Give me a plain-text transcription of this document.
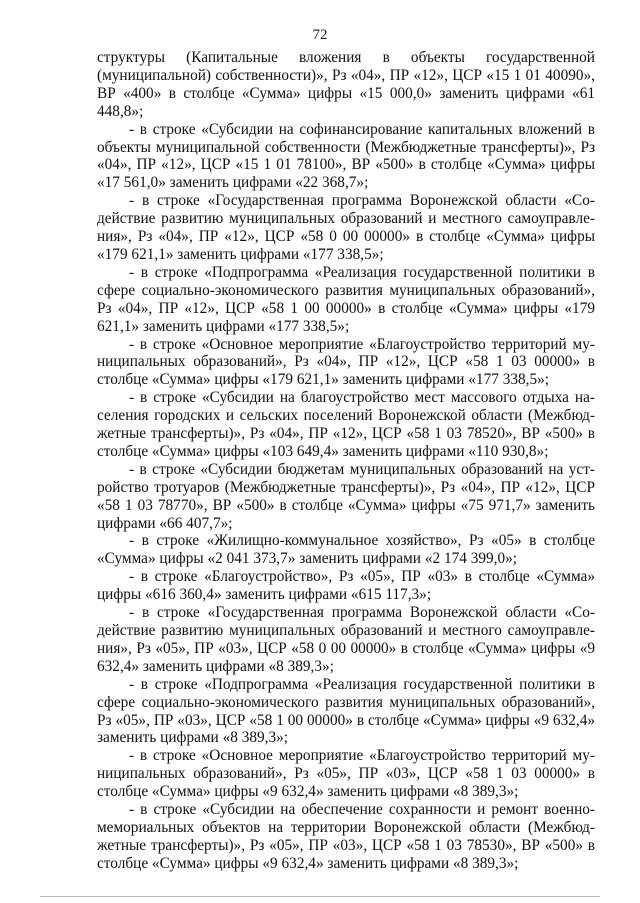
72

структуры (Капитальные вложения в объекты государственной (муниципальной) собственности)», Рз «04», ПР «12», ЦСР «15 1 01 40090», ВР «400» в столбце «Сумма» цифры «15 000,0» заменить цифрами «61 448,8»;

- в строке «Субсидии на софинансирование капитальных вложений в объекты муниципальной собственности (Межбюджетные трансферты)», Рз «04», ПР «12», ЦСР «15 1 01 78100», ВР «500» в столбце «Сумма» цифры «17 561,0» заменить цифрами «22 368,7»;

- в строке «Государственная программа Воронежской области «Содействие развитию муниципальных образований и местного самоуправления», Рз «04», ПР «12», ЦСР «58 0 00 00000» в столбце «Сумма» цифры «179 621,1» заменить цифрами «177 338,5»;

- в строке «Подпрограмма «Реализация государственной политики в сфере социально-экономического развития муниципальных образований», Рз «04», ПР «12», ЦСР «58 1 00 00000» в столбце «Сумма» цифры «179 621,1» заменить цифрами «177 338,5»;

- в строке «Основное мероприятие «Благоустройство территорий муниципальных образований», Рз «04», ПР «12», ЦСР «58 1 03 00000» в столбце «Сумма» цифры «179 621,1» заменить цифрами «177 338,5»;

- в строке «Субсидии на благоустройство мест массового отдыха населения городских и сельских поселений Воронежской области (Межбюджетные трансферты)», Рз «04», ПР «12», ЦСР «58 1 03 78520», ВР «500» в столбце «Сумма» цифры «103 649,4» заменить цифрами «110 930,8»;

- в строке «Субсидии бюджетам муниципальных образований на устройство тротуаров (Межбюджетные трансферты)», Рз «04», ПР «12», ЦСР «58 1 03 78770», ВР «500» в столбце «Сумма» цифры «75 971,7» заменить цифрами «66 407,7»;

- в строке «Жилищно-коммунальное хозяйство», Рз «05» в столбце «Сумма» цифры «2 041 373,7» заменить цифрами «2 174 399,0»;

- в строке «Благоустройство», Рз «05», ПР «03» в столбце «Сумма» цифры «616 360,4» заменить цифрами «615 117,3»;

- в строке «Государственная программа Воронежской области «Содействие развитию муниципальных образований и местного самоуправления», Рз «05», ПР «03», ЦСР «58 0 00 00000» в столбце «Сумма» цифры «9 632,4» заменить цифрами «8 389,3»;

- в строке «Подпрограмма «Реализация государственной политики в сфере социально-экономического развития муниципальных образований», Рз «05», ПР «03», ЦСР «58 1 00 00000» в столбце «Сумма» цифры «9 632,4» заменить цифрами «8 389,3»;

- в строке «Основное мероприятие «Благоустройство территорий муниципальных образований», Рз «05», ПР «03», ЦСР «58 1 03 00000» в столбце «Сумма» цифры «9 632,4» заменить цифрами «8 389,3»;

- в строке «Субсидии на обеспечение сохранности и ремонт военно-мемориальных объектов на территории Воронежской области (Межбюджетные трансферты)», Рз «05», ПР «03», ЦСР «58 1 03 78530», ВР «500» в столбце «Сумма» цифры «9 632,4» заменить цифрами «8 389,3»;
